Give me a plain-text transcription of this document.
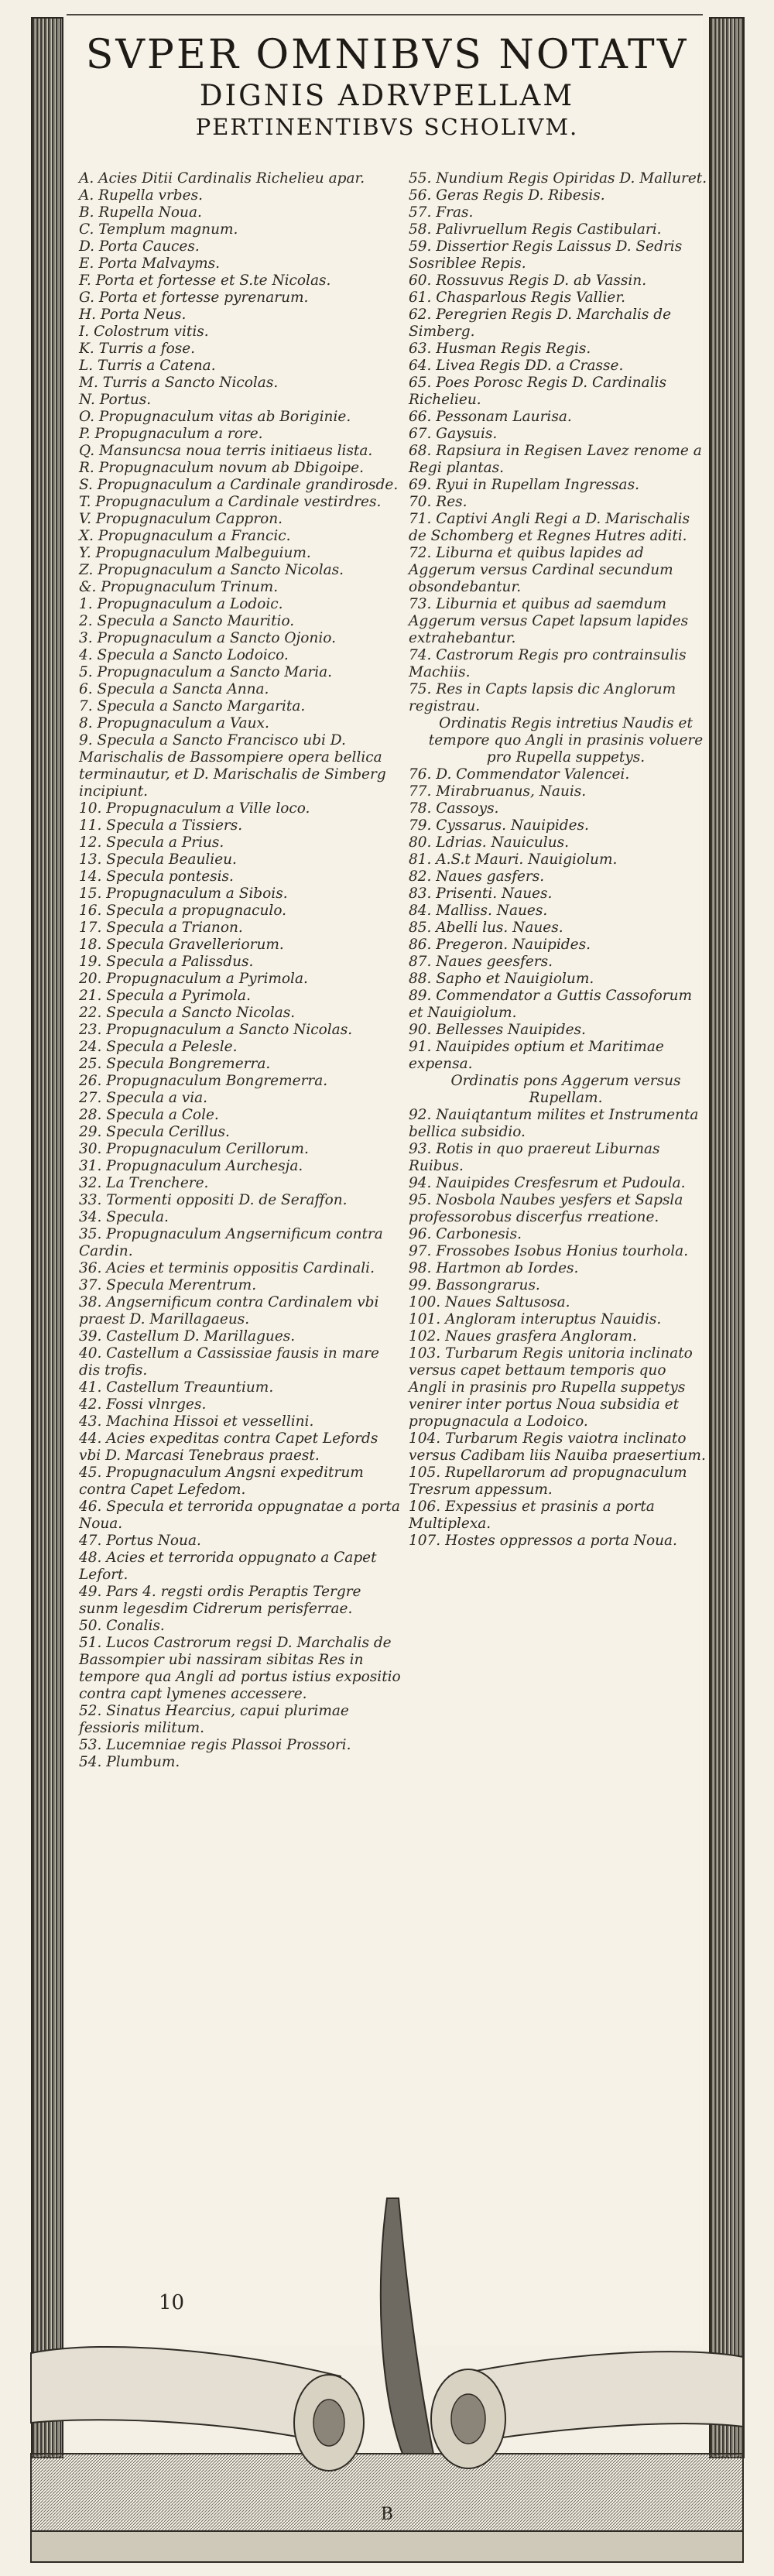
SVPER OMNIBVS NOTATV
DIGNIS ADRVPELLAM
PERTINENTIBVS SCHOLIVM.
A. Acies Ditii Cardinalis Richelieu apar.
A. Rupella vrbes.
B. Rupella Noua.
C. Templum magnum.
D. Porta Cauces.
E. Porta Malvayms.
F. Porta et fortesse et S.te Nicolas.
G. Porta et fortesse pyrenarum.
H. Porta Neus.
I. Colostrum vitis.
K. Turris a fose.
L. Turris a Catena.
M. Turris a Sancto Nicolas.
N. Portus.
O. Propugnaculum vitas ab Boriginie.
P. Propugnaculum a rore.
Q. Mansuncsa noua terris initiaeus lista.
R. Propugnaculum novum ab Dbigoipe.
S. Propugnaculum a Cardinale grandirosde.
T. Propugnaculum a Cardinale vestirdres.
V. Propugnaculum Cappron.
X. Propugnaculum a Francic.
Y. Propugnaculum Malbeguium.
Z. Propugnaculum a Sancto Nicolas.
&. Propugnaculum Trinum.
1. Propugnaculum a Lodoic.
2. Specula a Sancto Mauritio.
3. Propugnaculum a Sancto Ojonio.
4. Specula a Sancto Lodoico.
5. Propugnaculum a Sancto Maria.
6. Specula a Sancta Anna.
7. Specula a Sancto Margarita.
8. Propugnaculum a Vaux.
9. Specula a Sancto Francisco ubi D. Marischalis de Bassompiere opera bellica terminautur, et D. Marischalis de Simberg incipiunt.
10. Propugnaculum a Ville loco.
11. Specula a Tissiers.
12. Specula a Prius.
13. Specula Beaulieu.
14. Specula pontesis.
15. Propugnaculum a Sibois.
16. Specula a propugnaculo.
17. Specula a Trianon.
18. Specula Gravelleriorum.
19. Specula a Palissdus.
20. Propugnaculum a Pyrimola.
21. Specula a Pyrimola.
22. Specula a Sancto Nicolas.
23. Propugnaculum a Sancto Nicolas.
24. Specula a Pelesle.
25. Specula Bongremerra.
26. Propugnaculum Bongremerra.
27. Specula a via.
28. Specula a Cole.
29. Specula Cerillus.
30. Propugnaculum Cerillorum.
31. Propugnaculum Aurchesja.
32. La Trenchere.
33. Tormenti oppositi D. de Seraffon.
34. Specula.
35. Propugnaculum Angsernificum contra Cardin.
36. Acies et terminis oppositis Cardinali.
37. Specula Merentrum.
38. Angsernificum contra Cardinalem vbi praest D. Marillagaeus.
39. Castellum D. Marillagues.
40. Castellum a Cassissiae fausis in mare dis trofis.
41. Castellum Treauntium.
42. Fossi vlnrges.
43. Machina Hissoi et vessellini.
44. Acies expeditas contra Capet Lefords vbi D. Marcasi Tenebraus praest.
45. Propugnaculum Angsni expeditrum contra Capet Lefedom.
46. Specula et terrorida oppugnatae a porta Noua.
47. Portus Noua.
48. Acies et terrorida oppugnato a Capet Lefort.
49. Pars 4. regsti ordis Peraptis Tergre sunm legesdim Cidrerum perisferrae.
50. Conalis.
51. Lucos Castrorum regsi D. Marchalis de Bassompier ubi nassiram sibitas Res in tempore qua Angli ad portus istius expositio contra capt lymenes accessere.
52. Sinatus Hearcius, capui plurimae fessioris militum.
53. Lucemniae regis Plassoi Prossori.
54. Plumbum.
55. Nundium Regis Opiridas D. Malluret.
56. Geras Regis D. Ribesis.
57. Fras.
58. Palivruellum Regis Castibulari.
59. Dissertior Regis Laissus D. Sedris Sosriblee Repis.
60. Rossuvus Regis D. ab Vassin.
61. Chasparlous Regis Vallier.
62. Peregrien Regis D. Marchalis de Simberg.
63. Husman Regis Regis.
64. Livea Regis DD. a Crasse.
65. Poes Porosc Regis D. Cardinalis Richelieu.
66. Pessonam Laurisa.
67. Gaysuis.
68. Rapsiura in Regisen Lavez renome a Regi plantas.
69. Ryui in Rupellam Ingressas.
70. Res.
71. Captivi Angli Regi a D. Marischalis de Schomberg et Regnes Hutres aditi.
72. Liburna et quibus lapides ad Aggerum versus Cardinal secundum obsondebantur.
73. Liburnia et quibus ad saemdum Aggerum versus Capet lapsum lapides extrahebantur.
74. Castrorum Regis pro contrainsulis Machiis.
75. Res in Capts lapsis dic Anglorum registrau.
Ordinatis Regis intretius Naudis et tempore quo Angli in prasinis voluere pro Rupella suppetys.
76. D. Commendator Valencei.
77. Mirabruanus, Nauis.
78. Cassoys.
79. Cyssarus. Nauipides.
80. Ldrias. Nauiculus.
81. A.S.t Mauri. Nauigiolum.
82. Naues gasfers.
83. Prisenti. Naues.
84. Malliss. Naues.
85. Abelli lus. Naues.
86. Pregeron. Nauipides.
87. Naues geesfers.
88. Sapho et Nauigiolum.
89. Commendator a Guttis Cassoforum et Nauigiolum.
90. Bellesses Nauipides.
91. Nauipides optium et Maritimae expensa.
Ordinatis pons Aggerum versus Rupellam.
92. Nauiqtantum milites et Instrumenta bellica subsidio.
93. Rotis in quo praereut Liburnas Ruibus.
94. Nauipides Cresfesrum et Pudoula.
95. Nosbola Naubes yesfers et Sapsla professorobus discerfus rreatione.
96. Carbonesis.
97. Frossobes Isobus Honius tourhola.
98. Hartmon ab Iordes.
99. Bassongrarus.
100. Naues Saltusosa.
101. Angloram interuptus Nauidis.
102. Naues grasfera Angloram.
103. Turbarum Regis unitoria inclinato versus capet bettaum temporis quo Angli in prasinis pro Rupella suppetys venirer inter portus Noua subsidia et propugnacula a Lodoico.
104. Turbarum Regis vaiotra inclinato versus Cadibam liis Nauiba praesertium.
105. Rupellarorum ad propugnaculum Tresrum appessum.
106. Expessius et prasinis a porta Multiplexa.
107. Hostes oppressos a porta Noua.
10
B
